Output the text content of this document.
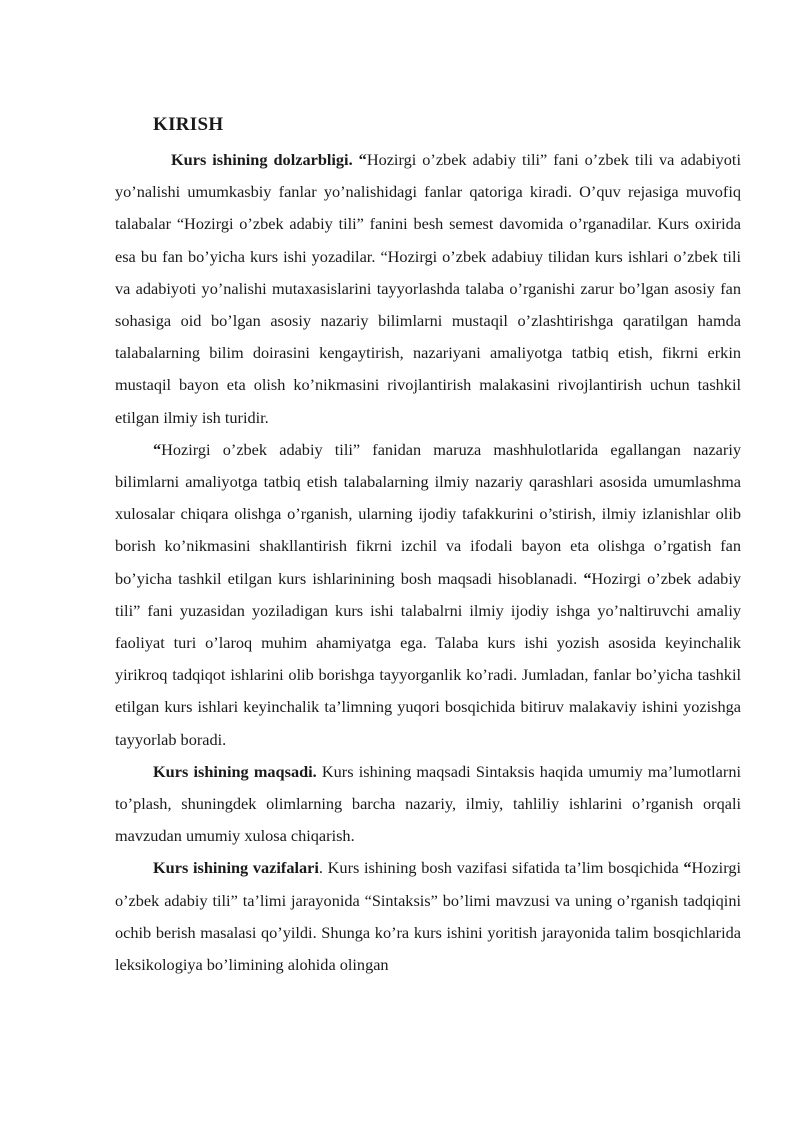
KIRISH

Kurs ishining dolzarbligi. “Hozirgi o’zbek adabiy tili” fani o’zbek tili va adabiyoti yo’nalishi umumkasbiy fanlar yo’nalishidagi fanlar qatoriga kiradi. O’quv rejasiga muvofiq talabalar “Hozirgi o’zbek adabiy tili” fanini besh semest davomida o’rganadilar. Kurs oxirida esa bu fan bo’yicha kurs ishi yozadilar. “Hozirgi o’zbek adabiuy tilidan kurs ishlari o’zbek tili va adabiyoti yo’nalishi mutaxasislarini tayyorlashda talaba o’rganishi zarur bo’lgan asosiy fan sohasiga oid bo’lgan asosiy nazariy bilimlarni mustaqil o’zlashtirishga qaratilgan hamda talabalarning bilim doirasini kengaytirish, nazariyani amaliyotga tatbiq etish, fikrni erkin mustaqil bayon eta olish ko’nikmasini rivojlantirish malakasini rivojlantirish uchun tashkil etilgan ilmiy ish turidir.

“Hozirgi o’zbek adabiy tili” fanidan maruza mashhulotlarida egallangan nazariy bilimlarni amaliyotga tatbiq etish talabalarning ilmiy nazariy qarashlari asosida umumlashma xulosalar chiqara olishga o’rganish, ularning ijodiy tafakkurini o’stirish, ilmiy izlanishlar olib borish ko’nikmasini shakllantirish fikrni izchil va ifodali bayon eta olishga o’rgatish fan bo’yicha tashkil etilgan kurs ishlarinining bosh maqsadi hisoblanadi. “Hozirgi o’zbek adabiy tili” fani yuzasidan yoziladigan kurs ishi talabalrni ilmiy ijodiy ishga yo’naltiruvchi amaliy faoliyat turi o’laroq muhim ahamiyatga ega. Talaba kurs ishi yozish asosida keyinchalik yirikroq tadqiqot ishlarini olib borishga tayyorganlik ko’radi. Jumladan, fanlar bo’yicha tashkil etilgan kurs ishlari keyinchalik ta’limning yuqori bosqichida bitiruv malakaviy ishini yozishga tayyorlab boradi.

Kurs ishining maqsadi. Kurs ishining maqsadi Sintaksis haqida umumiy ma’lumotlarni to’plash, shuningdek olimlarning barcha nazariy, ilmiy, tahliliy ishlarini o’rganish orqali mavzudan umumiy xulosa chiqarish.

Kurs ishining vazifalari. Kurs ishining bosh vazifasi sifatida ta’lim bosqichida “Hozirgi o’zbek adabiy tili” ta’limi jarayonida “Sintaksis” bo’limi mavzusi va uning o’rganish tadqiqini ochib berish masalasi qo’yildi. Shunga ko’ra kurs ishini yoritish jarayonida talim bosqichlarida leksikologiya bo’limining alohida olingan
